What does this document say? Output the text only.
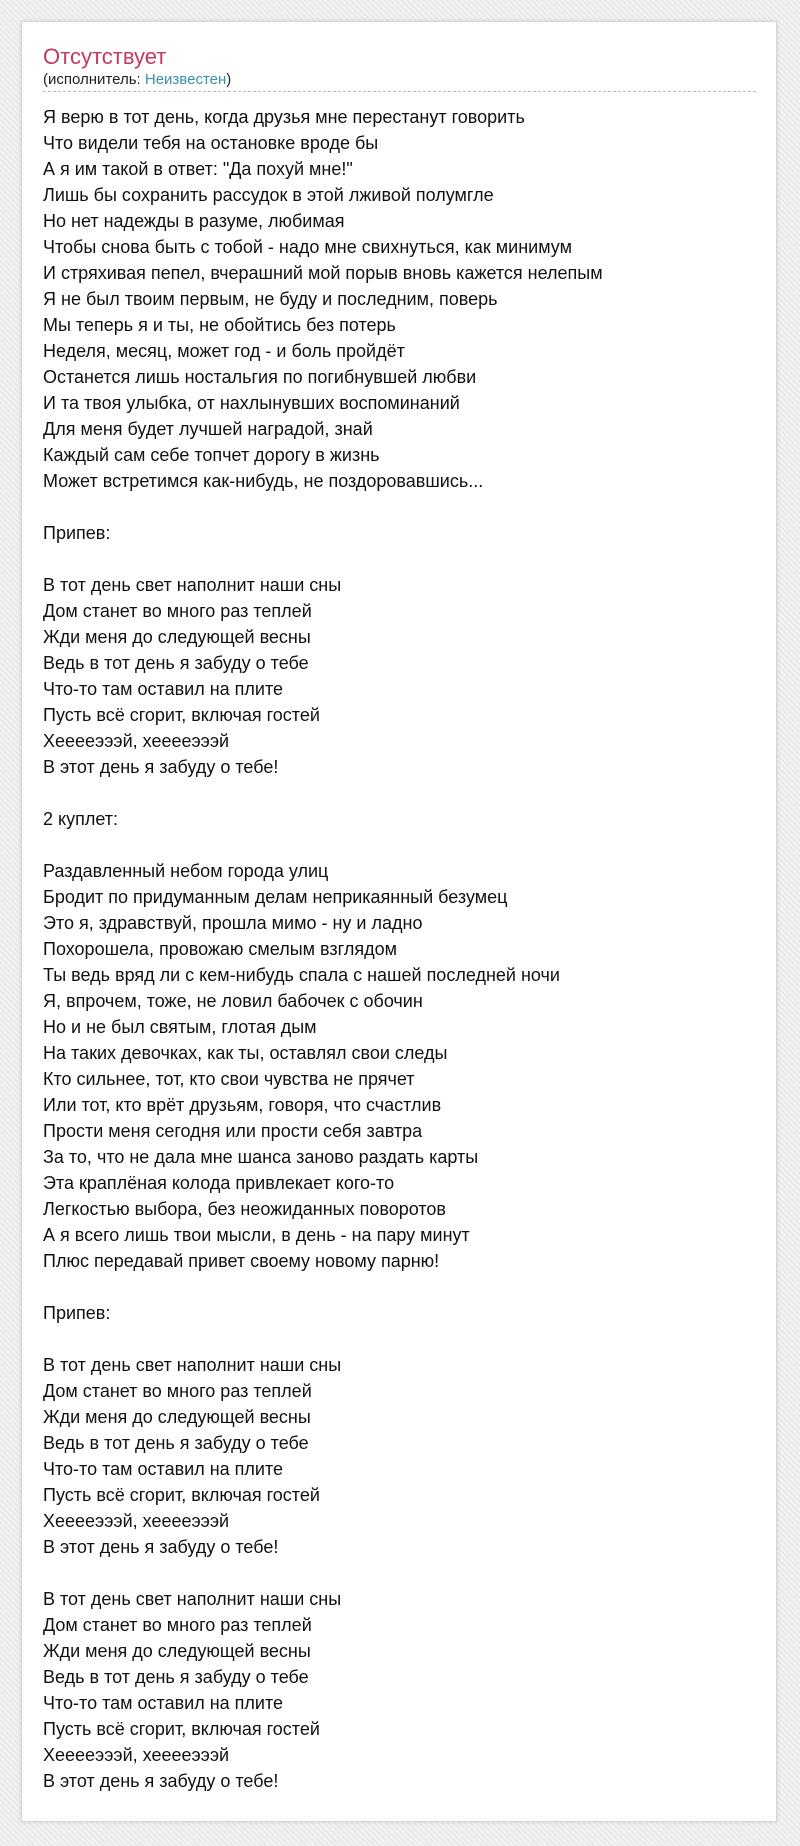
Отсутствует
(исполнитель: Неизвестен)
Я верю в тот день, когда друзья мне перестанут говорить
Что видели тебя на остановке вроде бы
А я им такой в ответ: "Да похуй мне!"
Лишь бы сохранить рассудок в этой лживой полумгле
Но нет надежды в разуме, любимая
Чтобы снова быть с тобой - надо мне свихнуться, как минимум
И стряхивая пепел, вчерашний мой порыв вновь кажется нелепым
Я не был твоим первым, не буду и последним, поверь
Мы теперь я и ты, не обойтись без потерь
Неделя, месяц, может год - и боль пройдёт
Останется лишь ностальгия по погибнувшей любви
И та твоя улыбка, от нахлынувших воспоминаний
Для меня будет лучшей наградой, знай
Каждый сам себе топчет дорогу в жизнь
Может встретимся как-нибудь, не поздоровавшись...
Припев:
В тот день свет наполнит наши сны
Дом станет во много раз теплей
Жди меня до следующей весны
Ведь в тот день я забуду о тебе
Что-то там оставил на плите
Пусть всё сгорит, включая гостей
Хееееэээй, хееееэээй
В этот день я забуду о тебе!
2 куплет:
Раздавленный небом города улиц
Бродит по придуманным делам неприкаянный безумец
Это я, здравствуй, прошла мимо - ну и ладно
Похорошела, провожаю смелым взглядом
Ты ведь вряд ли с кем-нибудь спала с нашей последней ночи
Я, впрочем, тоже, не ловил бабочек с обочин
Но и не был святым, глотая дым
На таких девочках, как ты, оставлял свои следы
Кто сильнее, тот, кто свои чувства не прячет
Или тот, кто врёт друзьям, говоря, что счастлив
Прости меня сегодня или прости себя завтра
За то, что не дала мне шанса заново раздать карты
Эта краплёная колода привлекает кого-то
Легкостью выбора, без неожиданных поворотов
А я всего лишь твои мысли, в день - на пару минут
Плюс передавай привет своему новому парню!
Припев:
В тот день свет наполнит наши сны
Дом станет во много раз теплей
Жди меня до следующей весны
Ведь в тот день я забуду о тебе
Что-то там оставил на плите
Пусть всё сгорит, включая гостей
Хееееэээй, хееееэээй
В этот день я забуду о тебе!
В тот день свет наполнит наши сны
Дом станет во много раз теплей
Жди меня до следующей весны
Ведь в тот день я забуду о тебе
Что-то там оставил на плите
Пусть всё сгорит, включая гостей
Хееееэээй, хееееэээй
В этот день я забуду о тебе!
